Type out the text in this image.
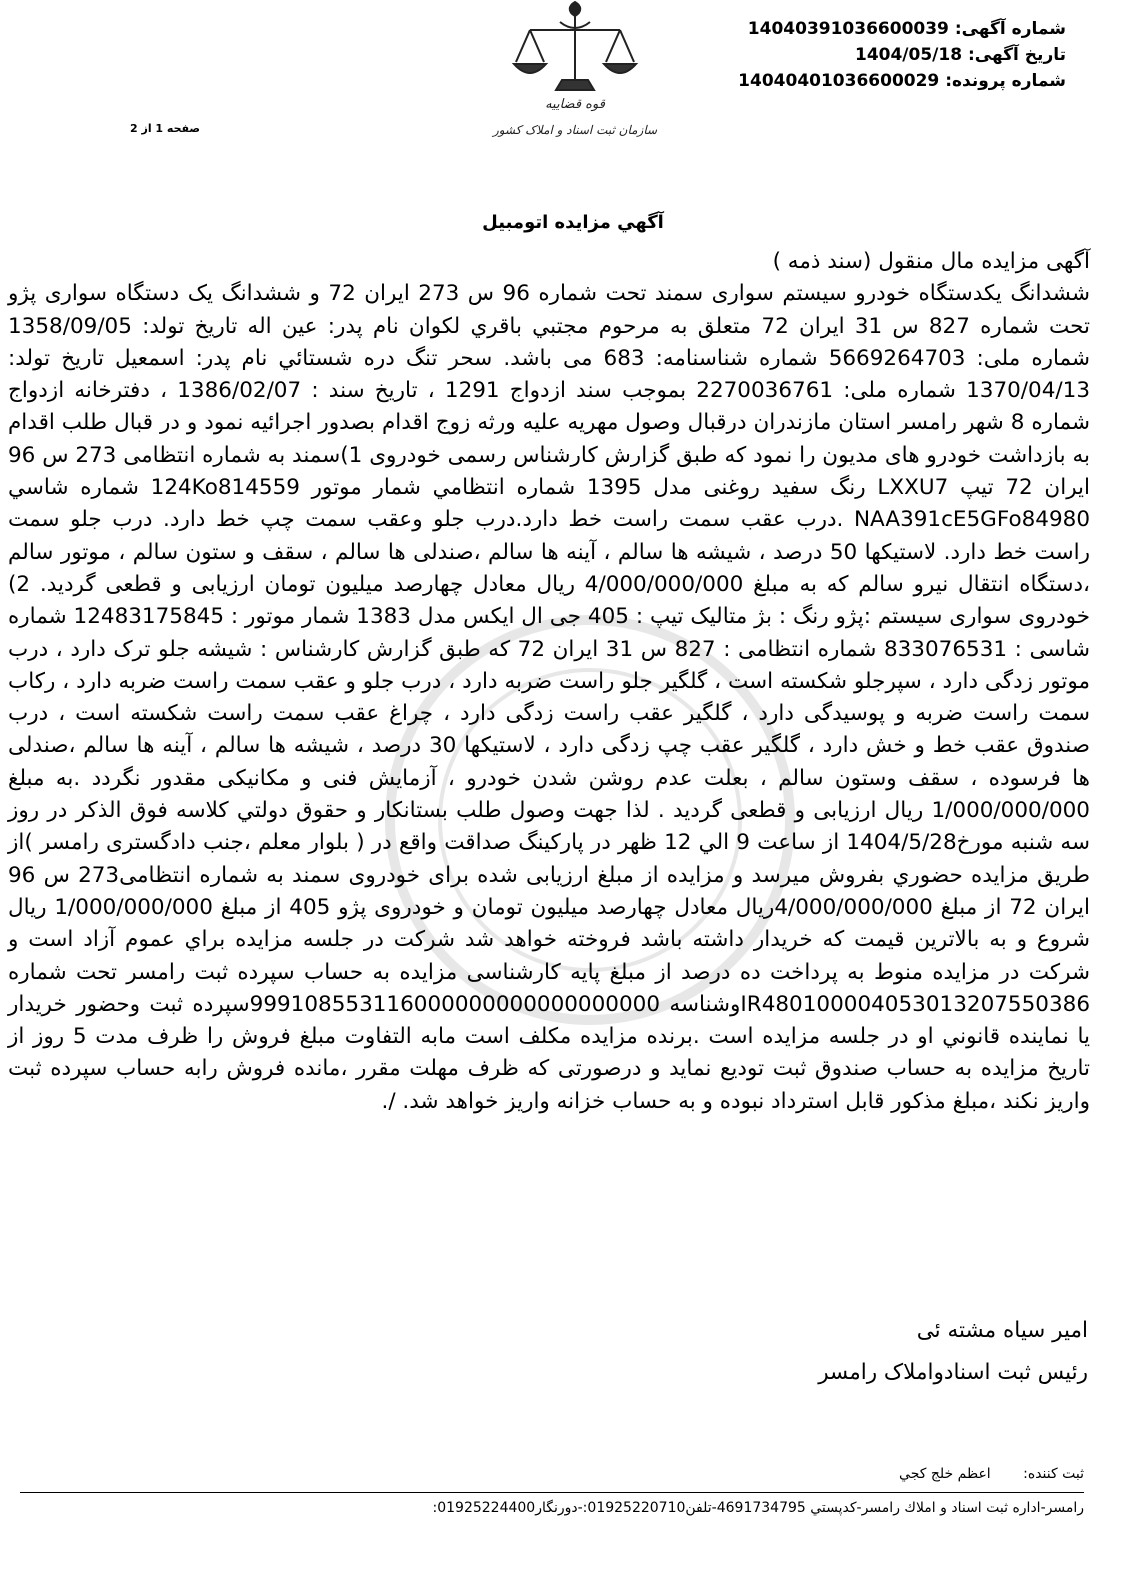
شماره آگهی: 14040391036600039
تاریخ آگهی: 1404/05/18
شماره پرونده: 14040401036600029
قوه قضاییه
سازمان ثبت اسناد و املاک کشور
صفحه 1 از 2
آگهي مزايده اتومبيل

آگهی مزایده مال منقول (سند ذمه )

ششدانگ یکدستگاه خودرو سیستم سواری سمند تحت شماره 96 س 273 ایران 72 و ششدانگ یک دستگاه سواری پژو تحت شماره 827 س 31 ایران 72 متعلق به مرحوم مجتبي باقري لكوان نام پدر: عين اله تاريخ تولد: 1358/09/05 شماره ملی: 5669264703 شماره شناسنامه: 683 می باشد. سحر تنگ دره شستائي نام پدر: اسمعيل تاريخ تولد: 1370/04/13 شماره ملی: 2270036761 بموجب سند ازدواج 1291 ، تاریخ سند : 1386/02/07 ، دفترخانه ازدواج شماره 8 شهر رامسر استان مازندران درقبال وصول مهریه علیه ورثه زوج اقدام بصدور اجرائیه نمود و در قبال طلب اقدام به بازداشت خودرو های مدیون را نمود که طبق گزارش کارشناس رسمی خودروی 1)سمند به شماره انتظامی 273 س 96 ایران 72 تیپ LXXU7 رنگ سفید روغنی مدل 1395 شماره انتظامي شمار موتور 124Ko814559 شماره شاسي NAA391cE5GFo84980 .درب عقب سمت راست خط دارد.درب جلو وعقب سمت چپ خط دارد. درب جلو سمت راست خط دارد. لاستیکها 50 درصد ، شیشه ها سالم ، آینه ها سالم ،صندلی ها سالم ، سقف و ستون سالم ، موتور سالم ،دستگاه انتقال نیرو سالم که به مبلغ 4/000/000/000 ریال معادل چهارصد میلیون تومان ارزیابی و قطعی گردید. 2) خودروی سواری سیستم :پژو رنگ : بژ متالیک تیپ : 405 جی ال ایکس مدل 1383 شمار موتور : 12483175845 شماره شاسی : 833076531 شماره انتظامی : 827 س 31 ایران 72 که طبق گزارش کارشناس : شیشه جلو ترک دارد ، درب موتور زدگی دارد ، سپرجلو شکسته است ، گلگیر جلو راست ضربه دارد ، درب جلو و عقب سمت راست ضربه دارد ، رکاب سمت راست ضربه و پوسیدگی دارد ، گلگیر عقب راست زدگی دارد ، چراغ عقب سمت راست شکسته است ، درب صندوق عقب خط و خش دارد ، گلگیر عقب چپ زدگی دارد ، لاستیکها 30 درصد ، شیشه ها سالم ، آینه ها سالم ،صندلی ها فرسوده ، سقف وستون سالم ، بعلت عدم روشن شدن خودرو ، آزمایش فنی و مکانیکی مقدور نگردد .به مبلغ 1/000/000/000 ریال ارزیابی و قطعی گردید . لذا جهت وصول طلب بستانکار و حقوق دولتي كلاسه فوق الذكر در روز سه شنبه مورخ1404/5/28 از ساعت 9 الي 12 ظهر در پاركينگ صداقت واقع در ( بلوار معلم ،جنب دادگستری رامسر )از طريق مزايده حضوري بفروش ميرسد و مزايده از مبلغ ارزيابی شده برای خودروی سمند به شماره انتظامی273 س 96 ایران 72 از مبلغ 4/000/000/000ریال معادل چهارصد میلیون تومان و خودروی پژو 405 از مبلغ 1/000/000/000 ریال شروع و به بالاترين قيمت كه خريدار داشته باشد فروخته خواهد شد شركت در جلسه مزايده براي عموم آزاد است و شرکت در مزایده منوط به پرداخت ده درصد از مبلغ پایه کارشناسی مزایده به حساب سپرده ثبت رامسر تحت شماره IR480100004053013207550386وشناسه 999108553116000000000000000000سپرده ثبت وحضور خريدار يا نماينده قانوني او در جلسه مزايده است .برنده مزايده مكلف است مابه التفاوت مبلغ فروش را ظرف مدت 5 روز از تاريخ مزايده به حساب صندوق ثبت توديع نمايد و درصورتی كه ظرف مهلت مقرر ،مانده فروش رابه حساب سپرده ثبت واريز نكند ،مبلغ مذكور قابل استرداد نبوده و به حساب خزانه واريز خواهد شد. /.

امیر سیاه مشته ئی
رئيس ثبت اسنادواملاک رامسر
ثبت کننده: اعظم خلج کجي
رامسر-اداره ثبت اسناد و املاك رامسر-كدپستي 4691734795-تلفن01925220710:-دورنگار01925224400:
